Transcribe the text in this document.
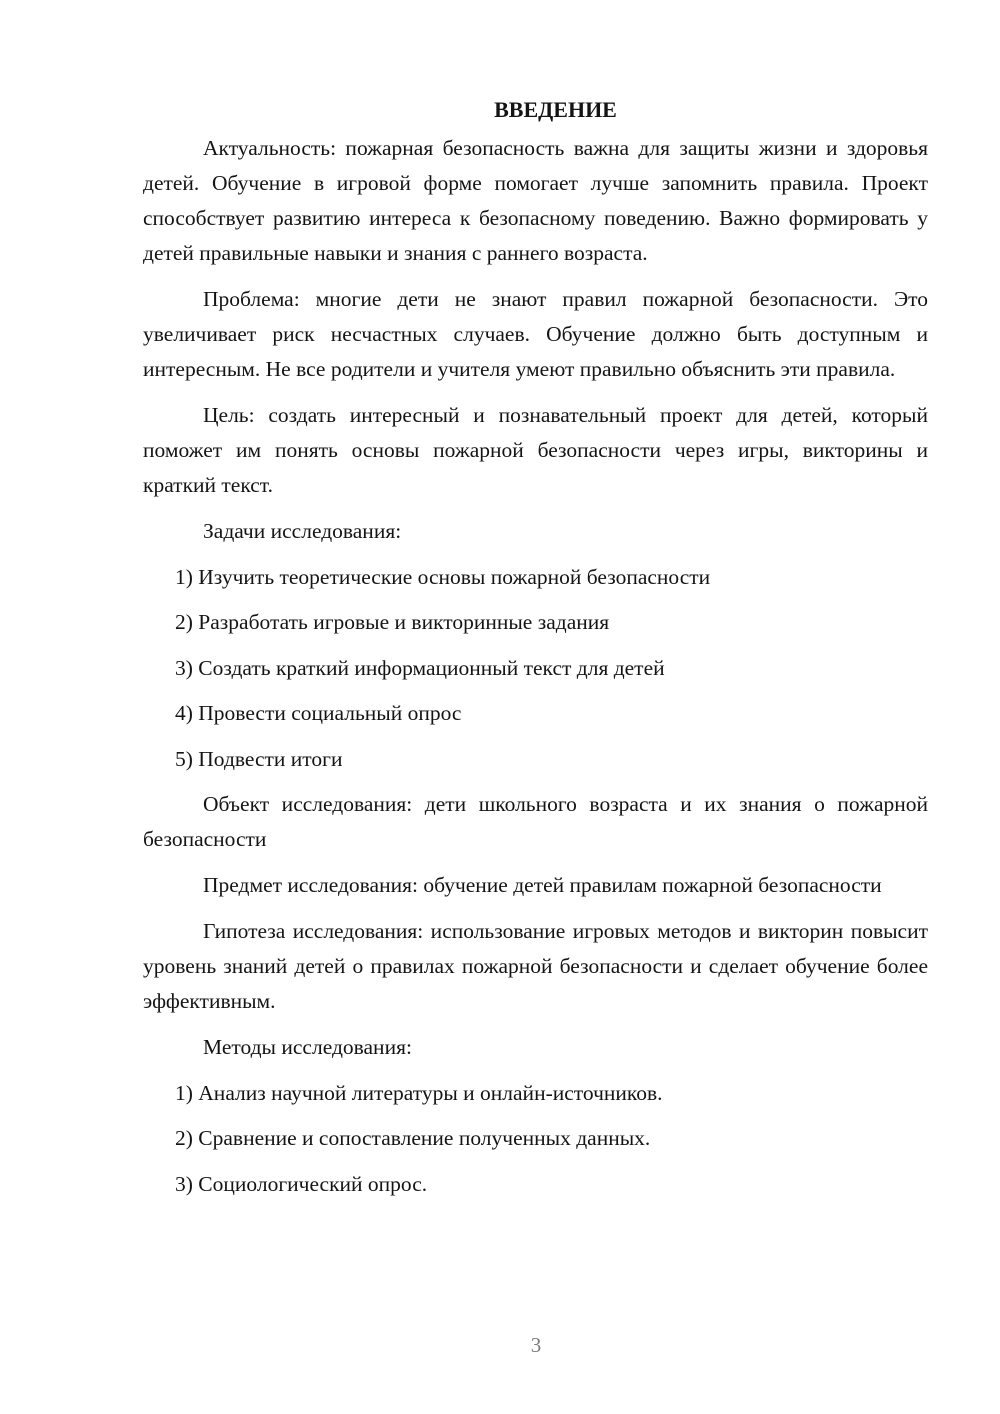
ВВЕДЕНИЕ

Актуальность: пожарная безопасность важна для защиты жизни и здоровья детей. Обучение в игровой форме помогает лучше запомнить правила. Проект способствует развитию интереса к безопасному поведению. Важно формировать у детей правильные навыки и знания с раннего возраста.

Проблема: многие дети не знают правил пожарной безопасности. Это увеличивает риск несчастных случаев. Обучение должно быть доступным и интересным. Не все родители и учителя умеют правильно объяснить эти правила.

Цель: создать интересный и познавательный проект для детей, который поможет им понять основы пожарной безопасности через игры, викторины и краткий текст.

Задачи исследования:

1) Изучить теоретические основы пожарной безопасности
2) Разработать игровые и викторинные задания
3) Создать краткий информационный текст для детей
4) Провести социальный опрос
5) Подвести итоги

Объект исследования: дети школьного возраста и их знания о пожарной безопасности

Предмет исследования: обучение детей правилам пожарной безопасности

Гипотеза исследования: использование игровых методов и викторин повысит уровень знаний детей о правилах пожарной безопасности и сделает обучение более эффективным.

Методы исследования:

1) Анализ научной литературы и онлайн-источников.
2) Сравнение и сопоставление полученных данных.
3) Социологический опрос.
3
